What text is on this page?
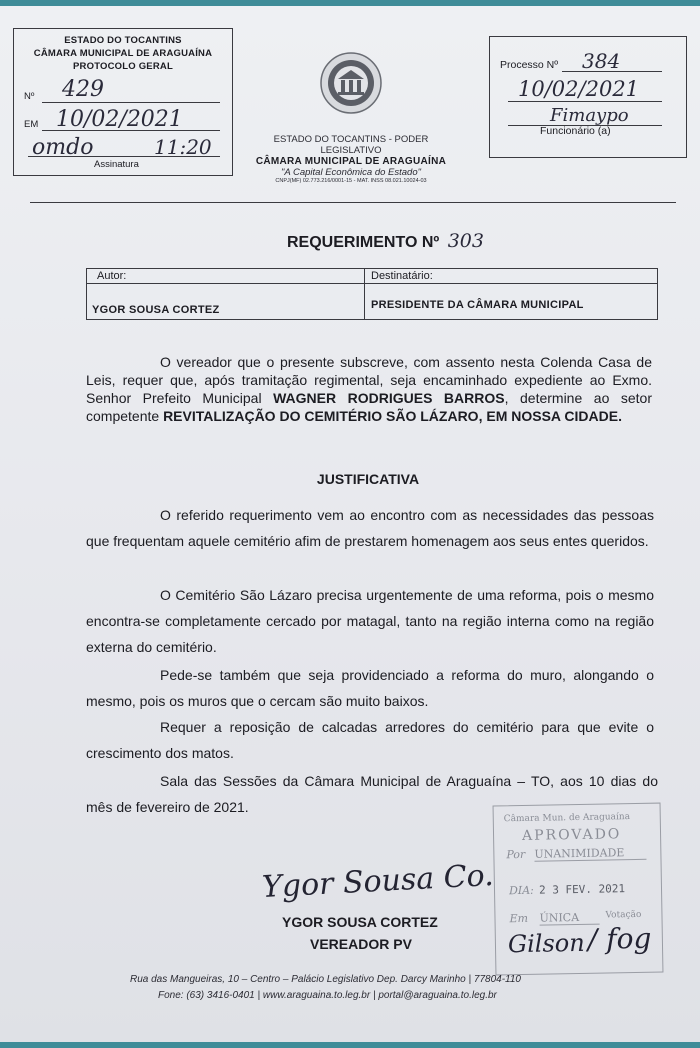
ESTADO DO TOCANTINS
CÂMARA MUNICIPAL DE ARAGUAÍNA
PROTOCOLO GERAL
Nº 429
EM 10/02/2021
omdo	11:20
Assinatura
ESTADO DO TOCANTINS - PODER
LEGISLATIVO
CÂMARA MUNICIPAL DE ARAGUAÍNA
"A Capital Econômica do Estado"
CNPJ(MF) 02.773.216/0001-15 - MAT. INSS 08.021.10024-03
Processo Nº 384
10/02/2021
Fimaypo
Funcionário (a)
REQUERIMENTO Nº 303
Autor:	Destinatário:
YGOR SOUSA CORTEZ	PRESIDENTE DA CÂMARA MUNICIPAL
O vereador que o presente subscreve, com assento nesta Colenda Casa de Leis, requer que, após tramitação regimental, seja encaminhado expediente ao Exmo. Senhor Prefeito Municipal WAGNER RODRIGUES BARROS, determine ao setor competente REVITALIZAÇÃO DO CEMITÉRIO SÃO LÁZARO, EM NOSSA CIDADE.
JUSTIFICATIVA
O referido requerimento vem ao encontro com as necessidades das pessoas que frequentam aquele cemitério afim de prestarem homenagem aos seus entes queridos.
O Cemitério São Lázaro precisa urgentemente de uma reforma, pois o mesmo encontra-se completamente cercado por matagal, tanto na região interna como na região externa do cemitério.
Pede-se também que seja providenciado a reforma do muro, alongando o mesmo, pois os muros que o cercam são muito baixos.
Requer a reposição de calcadas arredores do cemitério para que evite o crescimento dos matos.
Sala das Sessões da Câmara Municipal de Araguaína – TO, aos 10 dias do mês de fevereiro de 2021.
Câmara Mun. de Araguaína
APROVADO
Por UNANIMIDADE
DIA: 2 3 FEV. 2021
Em ÚNICA	Votação
Gilson / fog
Ygor Sousa Co.
YGOR SOUSA CORTEZ
VEREADOR PV
Rua das Mangueiras, 10 – Centro – Palácio Legislativo Dep. Darcy Marinho | 77804-110
Fone: (63) 3416-0401 | www.araguaina.to.leg.br | portal@araguaina.to.leg.br
